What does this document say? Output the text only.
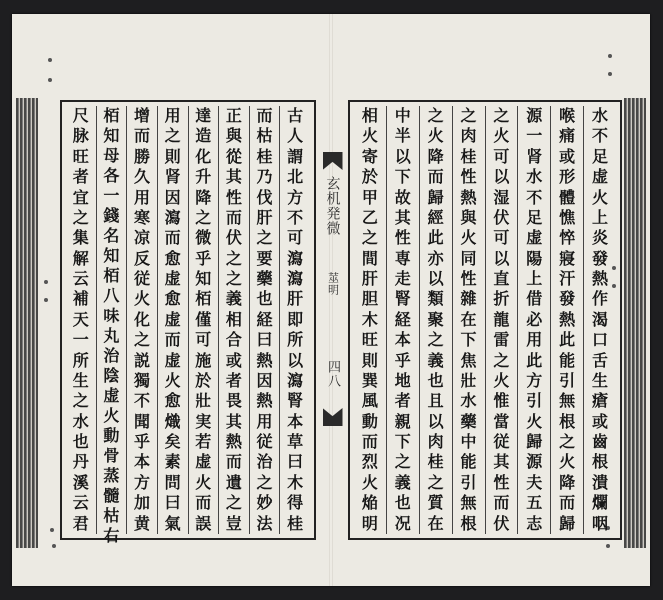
古
人
謂
北
方
不
可
瀉
瀉
肝
即
所
以
瀉
腎
本
草
曰
木
得
桂
而
枯
桂
乃
伐
肝
之
要
藥
也
経
曰
熱
因
熱
用
従
治
之
妙
法
正
與
從
其
性
而
伏
之
之
義
相
合
或
者
畏
其
熱
而
遺
之
豈
達
造
化
升
降
之
微
乎
知
栢
僅
可
施
於
壯
実
若
虚
火
而
誤
用
之
則
肾
因
瀉
而
愈
虚
愈
虚
而
虚
火
愈
熾
矣
素
問
曰
氣
增
而
勝
久
用
寒
凉
反
従
火
化
之
説
獨
不
聞
乎
本
方
加
黄
栢
知
母
各
一
錢
名
知
栢
八
味
丸
治
陰
虚
火
動
骨
蒸
髓
枯
右
尺
脉
旺
者
宜
之
集
解
云
補
天
一
所
生
之
水
也
丹
溪
云
君
玄机発微
莁明
四八
水
不
足
虚
火
上
炎
發
熱
作
渴
口
舌
生
瘡
或
齒
根
潰
爛
咽
喉
痛
或
形
體
憔
悴
寢
汗
發
熱
此
能
引
無
根
之
火
降
而
歸
源
一
肾
水
不
足
虚
陽
上
借
必
用
此
方
引
火
歸
源
夫
五
志
之
火
可
以
湿
伏
可
以
直
折
龍
雷
之
火
惟
當
従
其
性
而
伏
之
肉
桂
性
熱
與
火
同
性
雜
在
下
焦
壯
水
藥
中
能
引
無
根
之
火
降
而
歸
經
此
亦
以
類
聚
之
義
也
且
以
肉
桂
之
質
在
中
半
以
下
故
其
性
専
走
腎
経
本
乎
地
者
親
下
之
義
也
况
相
火
寄
於
甲
乙
之
間
肝
胆
木
旺
則
巽
風
動
而
烈
火
焔
明
